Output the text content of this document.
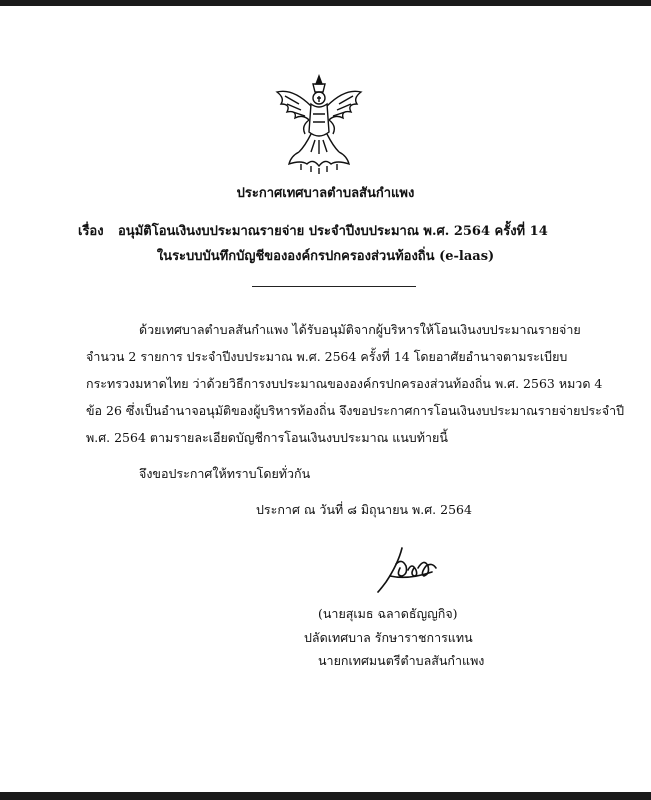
ประกาศเทศบาลตำบลสันกำแพง
เรื่อง อนุมัติโอนเงินงบประมาณรายจ่าย ประจำปีงบประมาณ พ.ศ. 2564 ครั้งที่ 14
ในระบบบันทึกบัญชีขององค์กรปกครองส่วนท้องถิ่น (e-laas)
ด้วยเทศบาลตำบลสันกำแพง ได้รับอนุมัติจากผู้บริหารให้โอนเงินงบประมาณรายจ่าย
จำนวน 2 รายการ ประจำปีงบประมาณ พ.ศ. 2564 ครั้งที่ 14 โดยอาศัยอำนาจตามระเบียบ
กระทรวงมหาดไทย ว่าด้วยวิธีการงบประมาณขององค์กรปกครองส่วนท้องถิ่น พ.ศ. 2563 หมวด 4
ข้อ 26 ซึ่งเป็นอำนาจอนุมัติของผู้บริหารท้องถิ่น จึงขอประกาศการโอนเงินงบประมาณรายจ่ายประจำปี
พ.ศ. 2564 ตามรายละเอียดบัญชีการโอนเงินงบประมาณ แนบท้ายนี้
จึงขอประกาศให้ทราบโดยทั่วกัน
ประกาศ ณ วันที่ ๘ มิถุนายน พ.ศ. 2564
(นายสุเมธ ฉลาดธัญญกิจ)
ปลัดเทศบาล รักษาราชการแทน
นายกเทศมนตรีตำบลสันกำแพง
